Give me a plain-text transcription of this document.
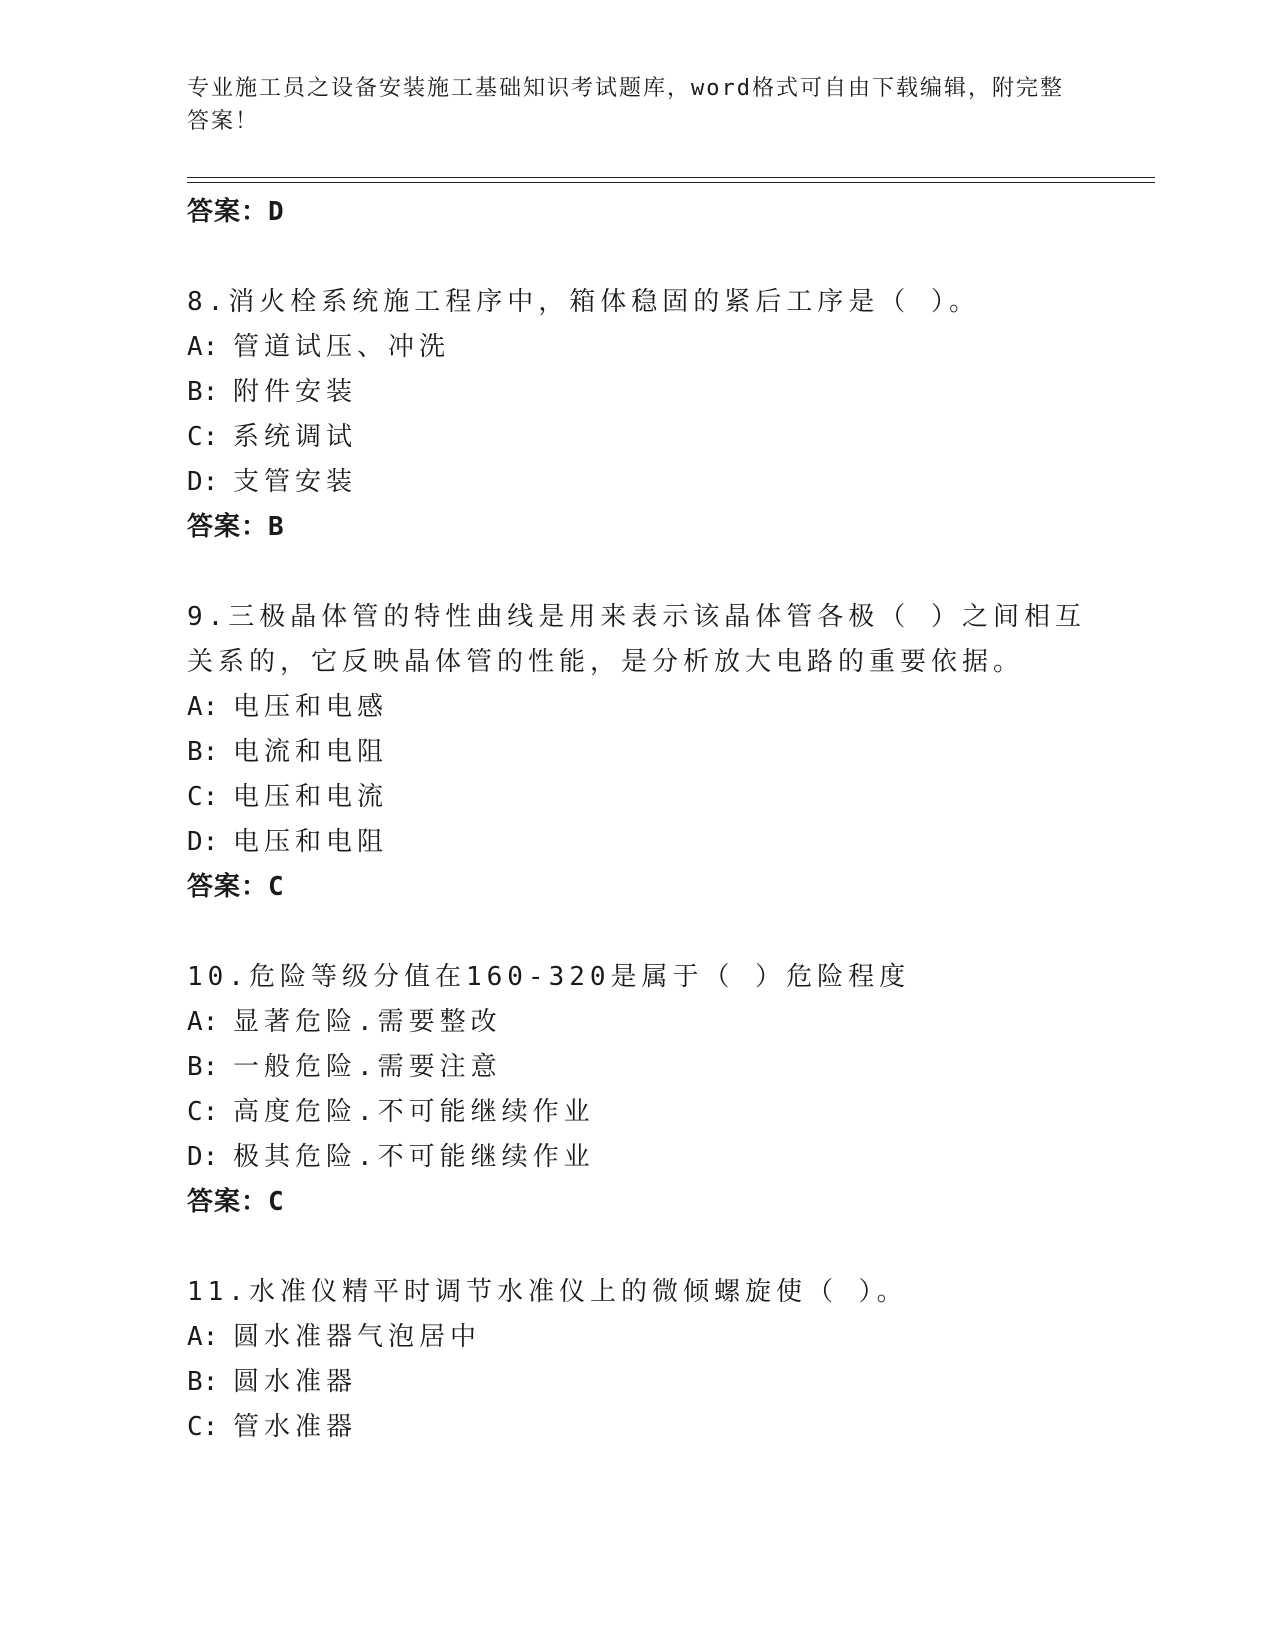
专业施工员之设备安装施工基础知识考试题库，word格式可自由下载编辑，附完整答案！

答案：D

8.消火栓系统施工程序中，箱体稳固的紧后工序是（ ）。

A: 管道试压、冲洗

B: 附件安装

C: 系统调试

D: 支管安装

答案：B

9.三极晶体管的特性曲线是用来表示该晶体管各极（ ）之间相互关系的，它反映晶体管的性能，是分析放大电路的重要依据。

A: 电压和电感

B: 电流和电阻

C: 电压和电流

D: 电压和电阻

答案：C

10.危险等级分值在160-320是属于（ ）危险程度

A: 显著危险.需要整改

B: 一般危险.需要注意

C: 高度危险.不可能继续作业

D: 极其危险.不可能继续作业

答案：C

11.水准仪精平时调节水准仪上的微倾螺旋使（ ）。

A: 圆水准器气泡居中

B: 圆水准器

C: 管水准器
